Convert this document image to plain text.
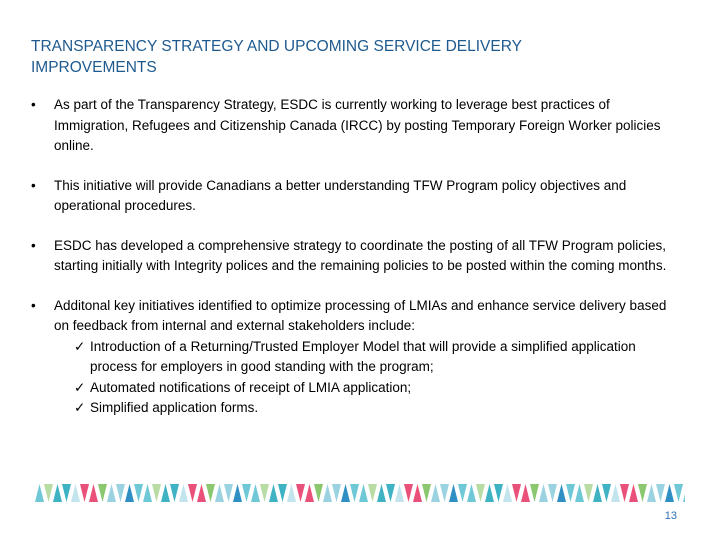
TRANSPARENCY STRATEGY AND UPCOMING SERVICE DELIVERY IMPROVEMENTS
• As part of the Transparency Strategy, ESDC is currently working to leverage best practices of Immigration, Refugees and Citizenship Canada (IRCC) by posting Temporary Foreign Worker policies online.
• This initiative will provide Canadians a better understanding TFW Program policy objectives and operational procedures.
• ESDC has developed a comprehensive strategy to coordinate the posting of all TFW Program policies, starting initially with Integrity polices and the remaining policies to be posted within the coming months.
• Additonal key initiatives identified to optimize processing of LMIAs and enhance service delivery based on feedback from internal and external stakeholders include:
✓ Introduction of a Returning/Trusted Employer Model that will provide a simplified application process for employers in good standing with the program;
✓ Automated notifications of receipt of LMIA application;
✓ Simplified application forms.
13
